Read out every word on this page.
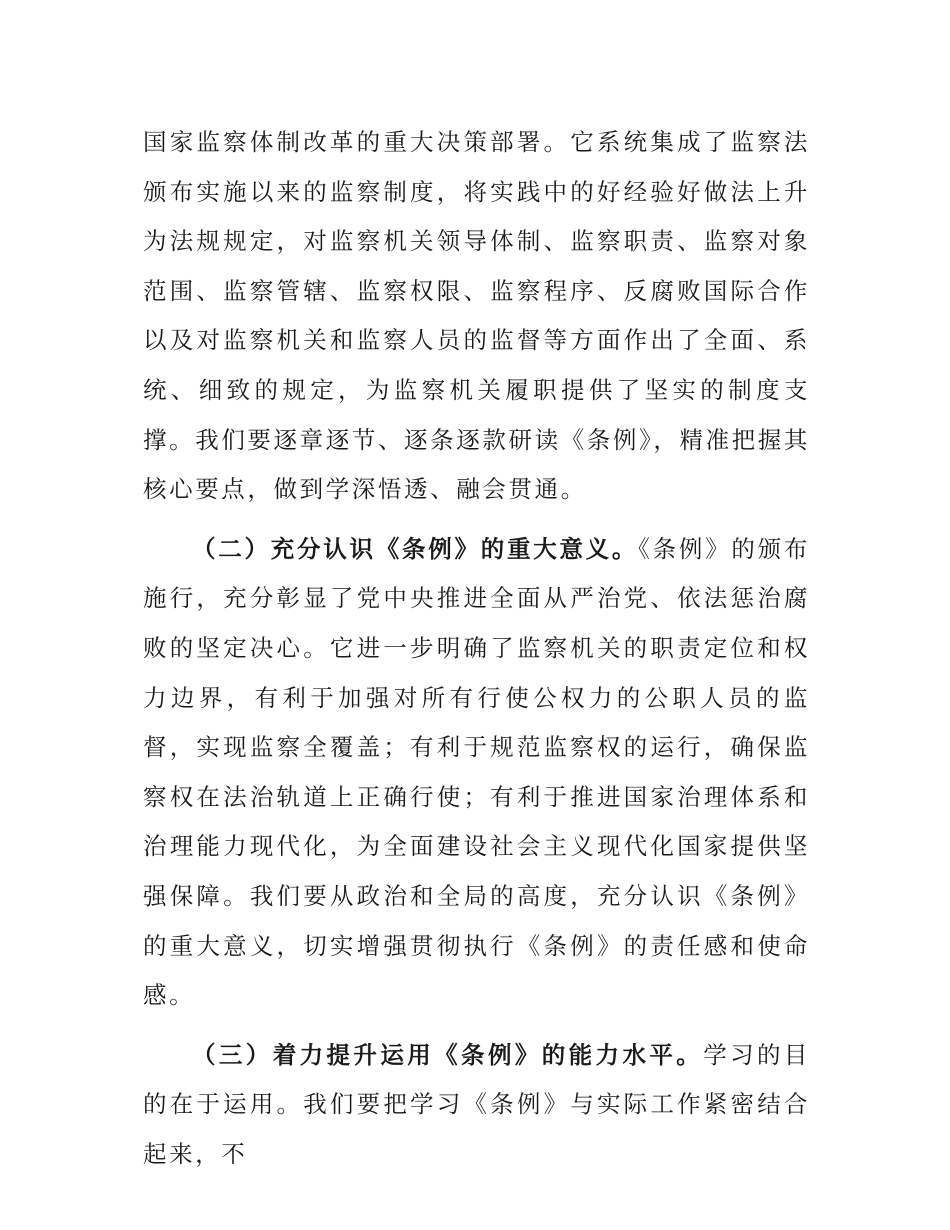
国家监察体制改革的重大决策部署。它系统集成了监察法颁布实施以来的监察制度，将实践中的好经验好做法上升为法规规定，对监察机关领导体制、监察职责、监察对象范围、监察管辖、监察权限、监察程序、反腐败国际合作以及对监察机关和监察人员的监督等方面作出了全面、系统、细致的规定，为监察机关履职提供了坚实的制度支撑。我们要逐章逐节、逐条逐款研读《条例》，精准把握其核心要点，做到学深悟透、融会贯通。

（二）充分认识《条例》的重大意义。《条例》的颁布施行，充分彰显了党中央推进全面从严治党、依法惩治腐败的坚定决心。它进一步明确了监察机关的职责定位和权力边界，有利于加强对所有行使公权力的公职人员的监督，实现监察全覆盖；有利于规范监察权的运行，确保监察权在法治轨道上正确行使；有利于推进国家治理体系和治理能力现代化，为全面建设社会主义现代化国家提供坚强保障。我们要从政治和全局的高度，充分认识《条例》的重大意义，切实增强贯彻执行《条例》的责任感和使命感。

（三）着力提升运用《条例》的能力水平。学习的目的在于运用。我们要把学习《条例》与实际工作紧密结合起来，不
